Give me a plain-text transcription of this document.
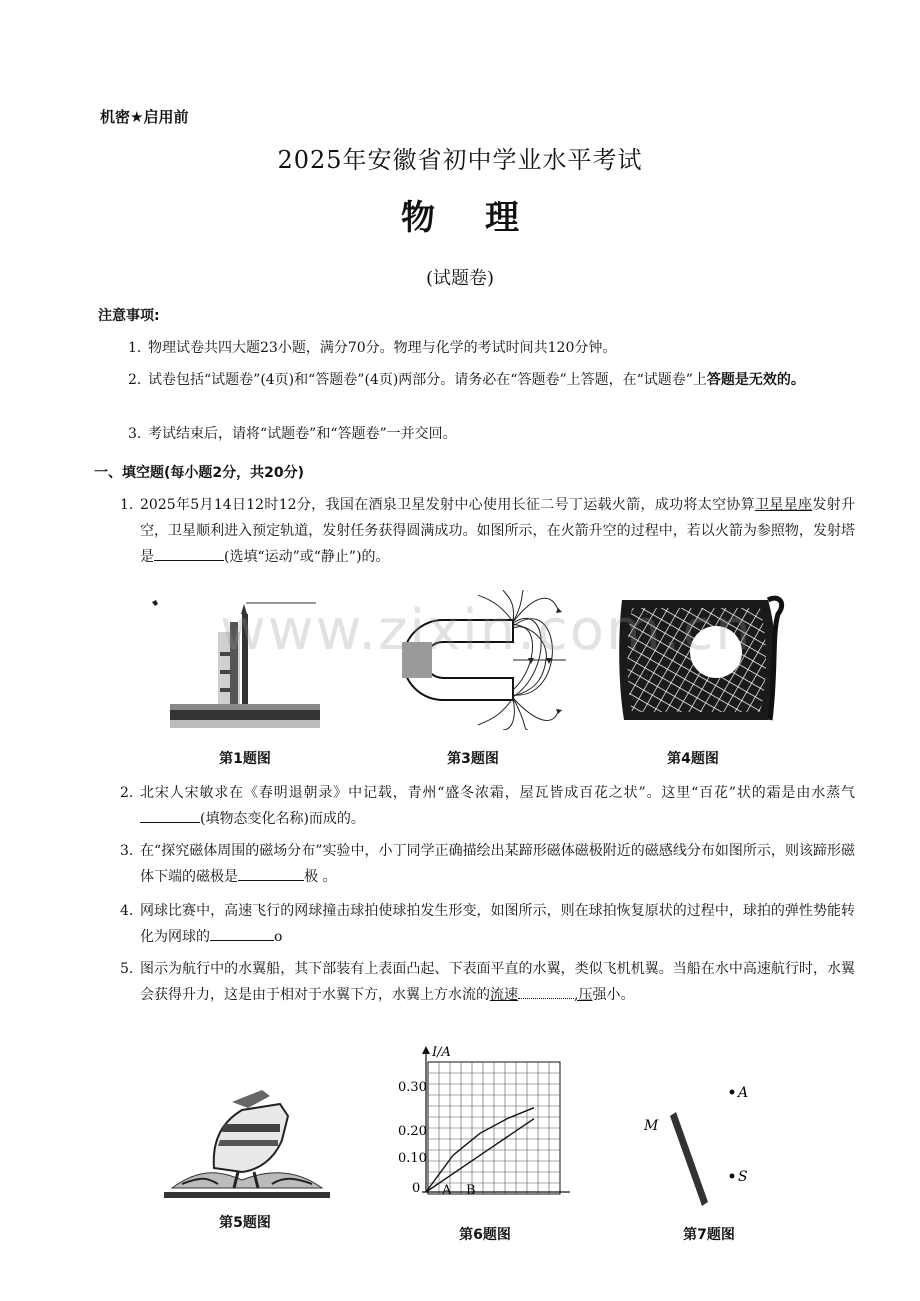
机密★启用前
2025年安徽省初中学业水平考试
物理
(试题卷)
注意事项:
1. 物理试卷共四大题23小题，满分70分。物理与化学的考试时间共120分钟。
2. 试卷包括“试题卷”(4页)和“答题卷”(4页)两部分。请务必在“答题卷”上答题，在“试题卷”上答题是无效的。
3. 考试结束后，请将“试题卷”和“答题卷”一并交回。
一、填空题(每小题2分，共20分)
1. 2025年5月14日12时12分，我国在酒泉卫星发射中心使用长征二号丁运载火箭，成功将太空协算卫星星座发射升空，卫星顺利进入预定轨道，发射任务获得圆满成功。如图所示，在火箭升空的过程中，若以火箭为参照物，发射塔是	(选填“运动”或“静止”)的。
第1题图	第3题图	第4题图
www.zixin.com.cn
2. 北宋人宋敏求在《春明退朝录》中记载，青州“盛冬浓霜，屋瓦皆成百花之状”。这里“百花”状的霜是由水蒸气(填物态变化名称)而成的。
3. 在“探究磁体周围的磁场分布”实验中，小丁同学正确描绘出某蹄形磁体磁极附近的磁感线分布如图所示，则该蹄形磁体下端的磁极是	极 。
4. 网球比赛中，高速飞行的网球撞击球拍使球拍发生形变，如图所示，则在球拍恢复原状的过程中，球拍的弹性势能转化为网球的	o
5. 图示为航行中的水翼船，其下部装有上表面凸起、下表面平直的水翼，类似飞机机翼。当船在水中高速航行时，水翼会获得升力，这是由于相对于水翼下方，水翼上方水流的流速	,压强小。
I/A
0.30
0.20
0.10
0 A B
M
A
S
第5题图
第6题图	第7题图
